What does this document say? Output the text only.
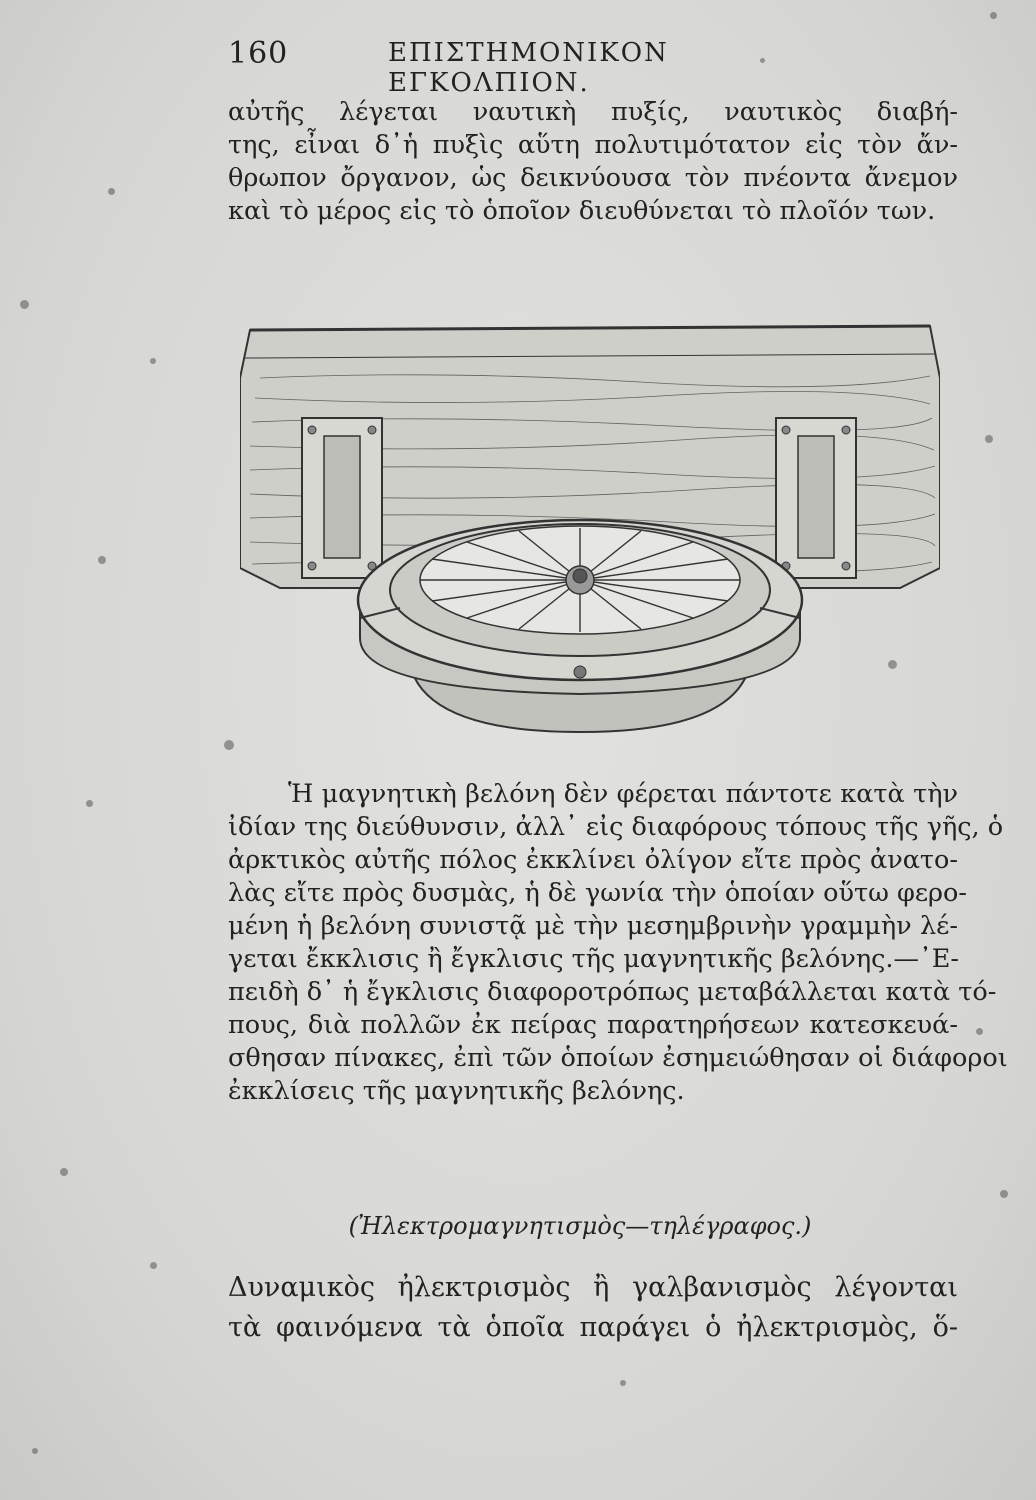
160	ΕΠΙΣΤΗΜΟΝΙΚΟΝ ΕΓΚΟΛΠΙΟΝ.
αὐτῆς λέγεται ναυτικὴ πυξίς, ναυτικὸς διαβή-
της, εἶναι δ᾽ἡ πυξὶς αὕτη πολυτιμότατον εἰς τὸν ἄν-
θρωπον ὄργανον, ὡς δεικνύουσα τὸν πνέοντα ἄνεμον
καὶ τὸ μέρος εἰς τὸ ὁποῖον διευθύνεται τὸ πλοῖόν των.
Ἡ μαγνητικὴ βελόνη δὲν φέρεται πάντοτε κατὰ τὴν
ἰδίαν της διεύθυνσιν, ἀλλ᾽ εἰς διαφόρους τόπους τῆς γῆς, ὁ
ἀρκτικὸς αὐτῆς πόλος ἐκκλίνει ὀλίγον εἴτε πρὸς ἀνατο-
λὰς εἴτε πρὸς δυσμὰς, ἡ δὲ γωνία τὴν ὁποίαν οὕτω φερο-
μένη ἡ βελόνη συνιστᾷ μὲ τὴν μεσημβρινὴν γραμμὴν λέ-
γεται ἔκκλισις ἢ ἔγκλισις τῆς μαγνητικῆς βελόνης.—᾽Ε-
πειδὴ δ᾽ ἡ ἔγκλισις διαφοροτρόπως μεταβάλλεται κατὰ τό-
πους, διὰ πολλῶν ἐκ πείρας παρατηρήσεων κατεσκευά-
σθησαν πίνακες, ἐπὶ τῶν ὁποίων ἐσημειώθησαν οἱ διάφοροι
ἐκκλίσεις τῆς μαγνητικῆς βελόνης.
(Ἠλεκτρομαγνητισμὸς—τηλέγραφος.)
Δυναμικὸς ἠλεκτρισμὸς ἢ γαλβανισμὸς λέγονται
τὰ φαινόμενα τὰ ὁποῖα παράγει ὁ ἠλεκτρισμὸς, ὅ-
